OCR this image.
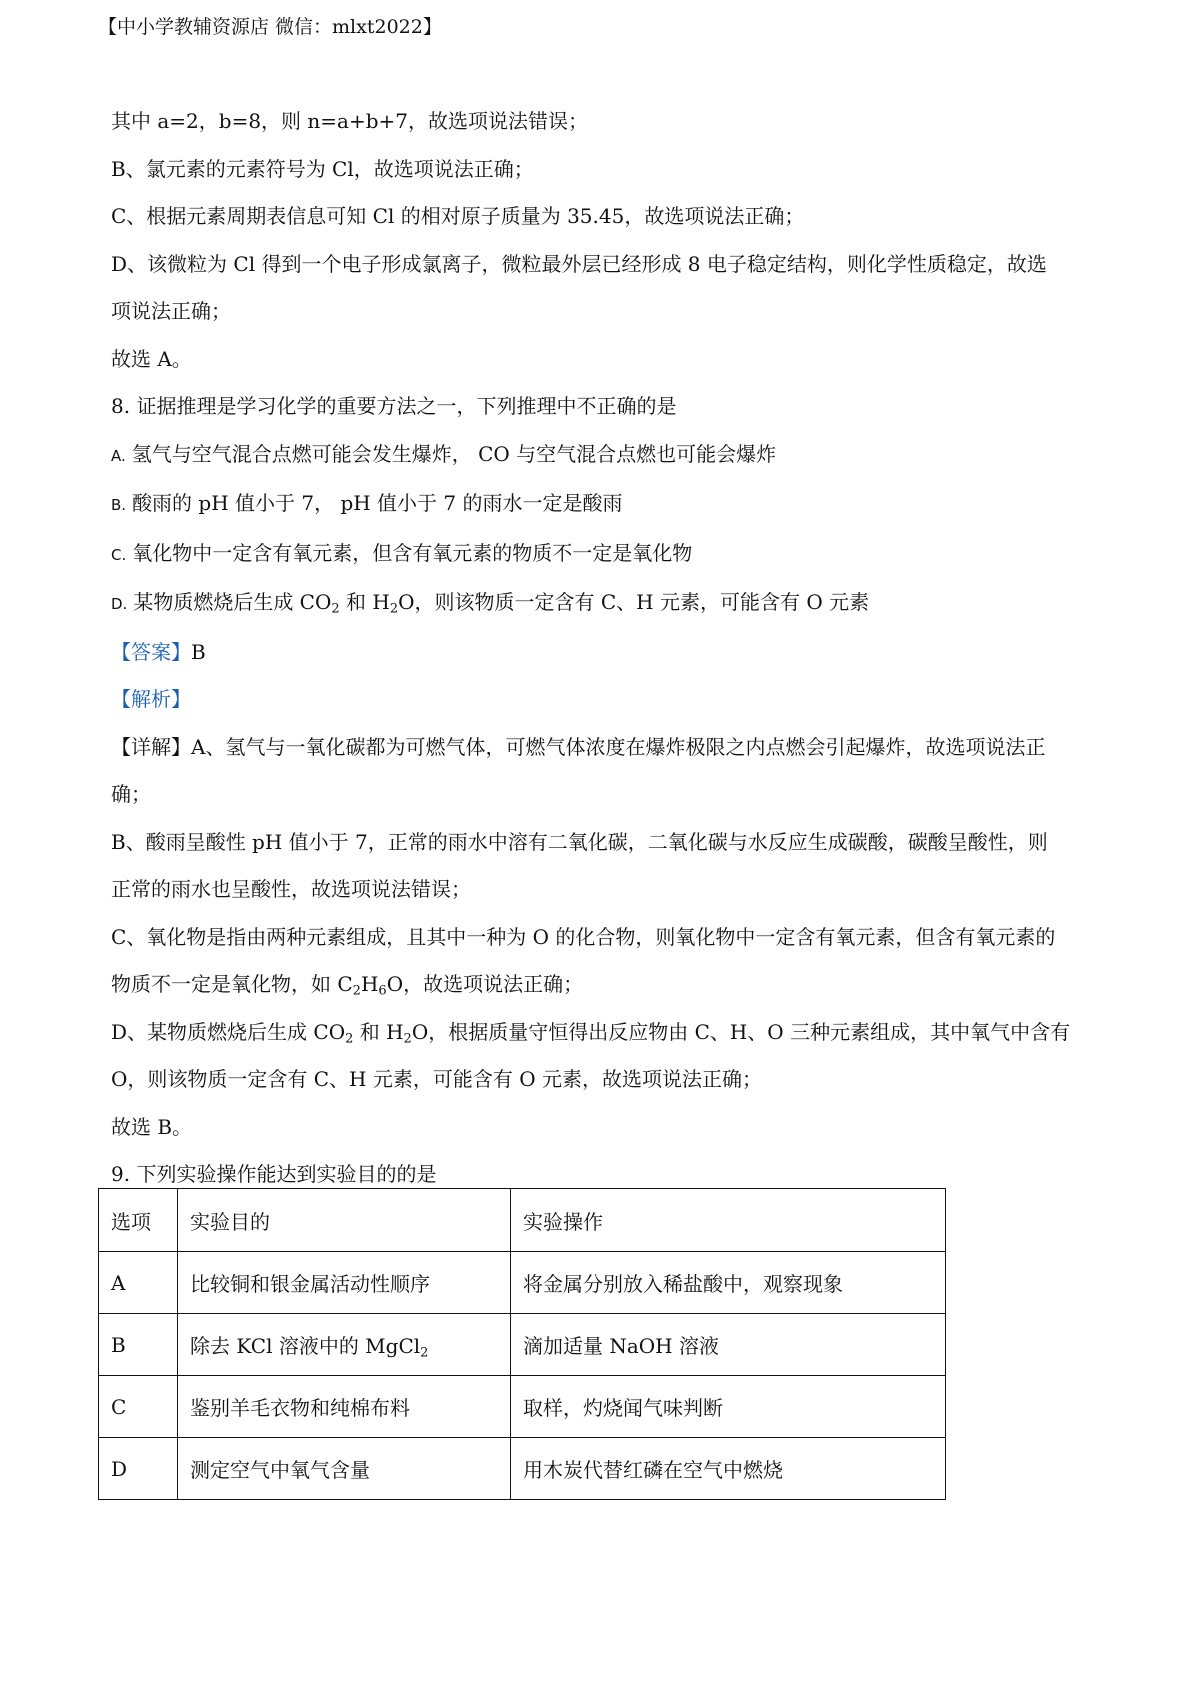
【中小学教辅资源店 微信：mlxt2022】
其中 a=2，b=8，则 n=a+b+7，故选项说法错误；
B、氯元素的元素符号为 Cl，故选项说法正确；
C、根据元素周期表信息可知 Cl 的相对原子质量为 35.45，故选项说法正确；
D、该微粒为 Cl 得到一个电子形成氯离子，微粒最外层已经形成 8 电子稳定结构，则化学性质稳定，故选
项说法正确；
故选 A。
8. 证据推理是学习化学的重要方法之一，下列推理中不正确的是
A. 氢气与空气混合点燃可能会发生爆炸， CO 与空气混合点燃也可能会爆炸
B. 酸雨的 pH 值小于 7， pH 值小于 7 的雨水一定是酸雨
C. 氧化物中一定含有氧元素，但含有氧元素的物质不一定是氧化物
D. 某物质燃烧后生成 $CO_2$ 和 $H_2O$，则该物质一定含有 C、H 元素，可能含有 O 元素
【答案】B
【解析】
【详解】A、氢气与一氧化碳都为可燃气体，可燃气体浓度在爆炸极限之内点燃会引起爆炸，故选项说法正
确；
B、酸雨呈酸性 pH 值小于 7，正常的雨水中溶有二氧化碳，二氧化碳与水反应生成碳酸，碳酸呈酸性，则
正常的雨水也呈酸性，故选项说法错误；
C、氧化物是指由两种元素组成，且其中一种为 O 的化合物，则氧化物中一定含有氧元素，但含有氧元素的
物质不一定是氧化物，如 $C_2H_6O$，故选项说法正确；
D、某物质燃烧后生成 $CO_2$ 和 $H_2O$，根据质量守恒得出反应物由 C、H、O 三种元素组成，其中氧气中含有
O，则该物质一定含有 C、H 元素，可能含有 O 元素，故选项说法正确；
故选 B。
9. 下列实验操作能达到实验目的的是
选项	实验目的	实验操作
A	比较铜和银金属活动性顺序	将金属分别放入稀盐酸中，观察现象
B	除去 KCl 溶液中的 MgCl$_2$	滴加适量 NaOH 溶液
C	鉴别羊毛衣物和纯棉布料	取样，灼烧闻气味判断
D	测定空气中氧气含量	用木炭代替红磷在空气中燃烧
